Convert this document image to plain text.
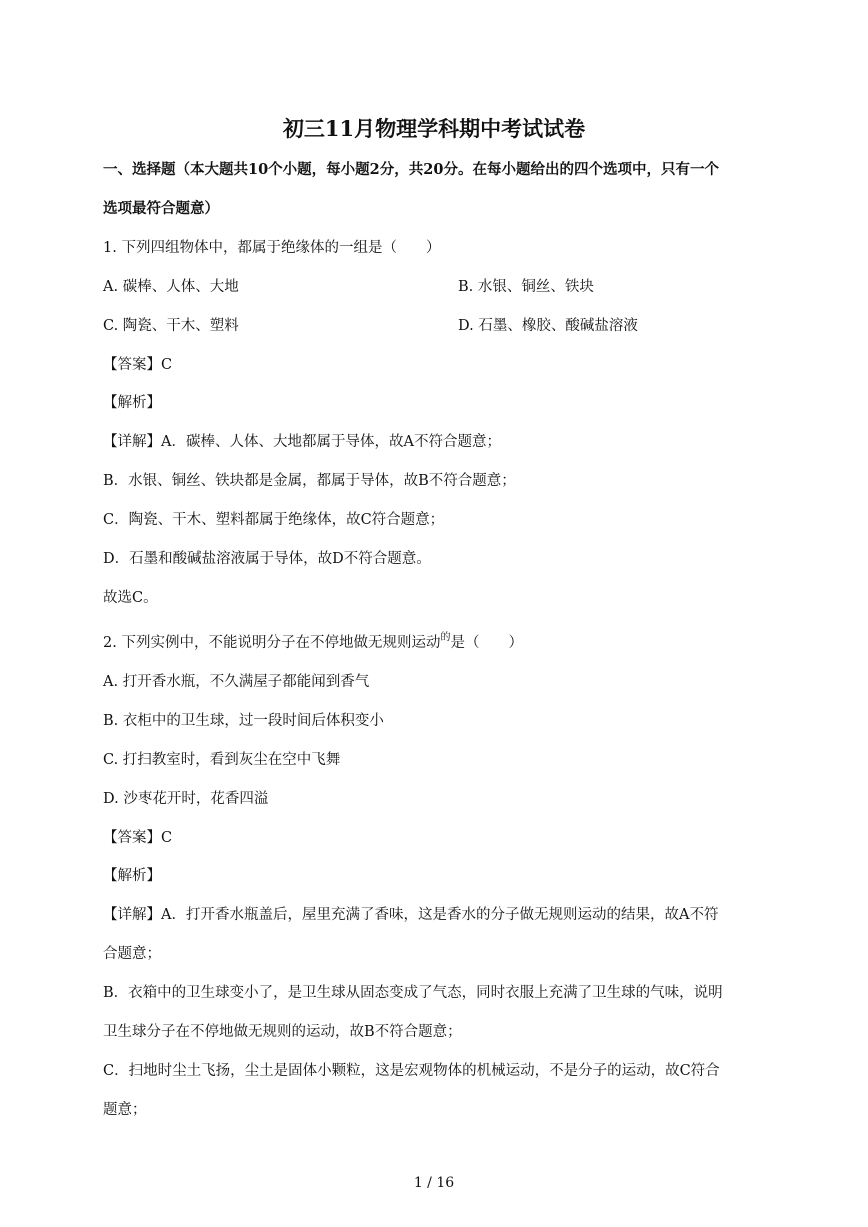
初三11月物理学科期中考试试卷
一、选择题（本大题共10个小题，每小题2分，共20分。在每小题给出的四个选项中，只有一个
选项最符合题意）
1. 下列四组物体中，都属于绝缘体的一组是（　　）
A. 碳棒、人体、大地	B. 水银、铜丝、铁块
C. 陶瓷、干木、塑料	D. 石墨、橡胶、酸碱盐溶液
【答案】C
【解析】
【详解】A．碳棒、人体、大地都属于导体，故A不符合题意；
B．水银、铜丝、铁块都是金属，都属于导体，故B不符合题意；
C．陶瓷、干木、塑料都属于绝缘体，故C符合题意；
D．石墨和酸碱盐溶液属于导体，故D不符合题意。
故选C。
2. 下列实例中，不能说明分子在不停地做无规则运动$^的$是（　　）
A. 打开香水瓶，不久满屋子都能闻到香气
B. 衣柜中的卫生球，过一段时间后体积变小
C. 打扫教室时，看到灰尘在空中飞舞
D. 沙枣花开时，花香四溢
【答案】C
【解析】
【详解】A．打开香水瓶盖后，屋里充满了香味，这是香水的分子做无规则运动的结果，故A不符
合题意；
B．衣箱中的卫生球变小了，是卫生球从固态变成了气态，同时衣服上充满了卫生球的气味，说明
卫生球分子在不停地做无规则的运动，故B不符合题意；
C．扫地时尘土飞扬，尘土是固体小颗粒，这是宏观物体的机械运动，不是分子的运动，故C符合
题意；
1 / 16
